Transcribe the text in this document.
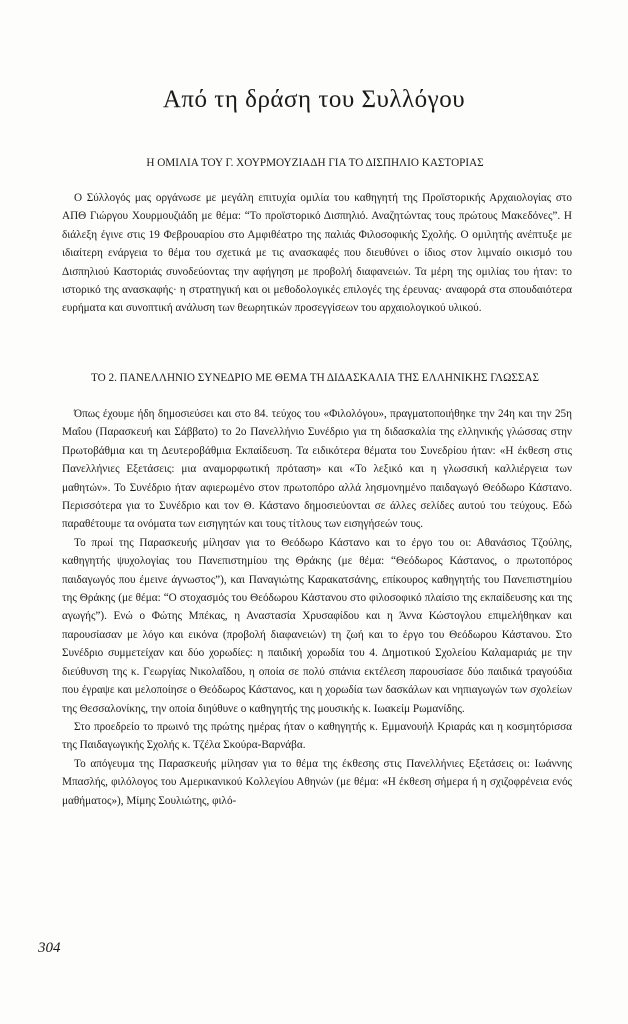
Από τη δράση του Συλλόγου
Η ΟΜΙΛΙΑ ΤΟΥ Γ. ΧΟΥΡΜΟΥΖΙΑΔΗ ΓΙΑ ΤΟ ΔΙΣΠΗΛΙΟ ΚΑΣΤΟΡΙΑΣ

Ο Σύλλογός μας οργάνωσε με μεγάλη επιτυχία ομιλία του καθηγητή της Προϊστορικής Αρχαιολογίας στο ΑΠΘ Γιώργου Χουρμουζιάδη με θέμα: “Το προϊστορικό Δισπηλιό. Αναζητώντας τους πρώτους Μακεδόνες”. Η διάλεξη έγινε στις 19 Φεβρουαρίου στο Αμφιθέατρο της παλιάς Φιλοσοφικής Σχολής. Ο ομιλητής ανέπτυξε με ιδιαίτερη ενάργεια το θέμα του σχετικά με τις ανασκαφές που διευθύνει ο ίδιος στον λιμναίο οικισμό του Δισπηλιού Καστοριάς συνοδεύοντας την αφήγηση με προβολή διαφανειών. Τα μέρη της ομιλίας του ήταν: το ιστορικό της ανασκαφής· η στρατηγική και οι μεθοδολογικές επιλογές της έρευνας· αναφορά στα σπουδαιότερα ευρήματα και συνοπτική ανάλυση των θεωρητικών προσεγγίσεων του αρχαιολογικού υλικού.

ΤΟ 2. ΠΑΝΕΛΛΗΝΙΟ ΣΥΝΕΔΡΙΟ ΜΕ ΘΕΜΑ ΤΗ ΔΙΔΑΣΚΑΛΙΑ ΤΗΣ ΕΛΛΗΝΙΚΗΣ ΓΛΩΣΣΑΣ

Όπως έχουμε ήδη δημοσιεύσει και στο 84. τεύχος του «Φιλολόγου», πραγματοποιήθηκε την 24η και την 25η Μαΐου (Παρασκευή και Σάββατο) το 2ο Πανελλήνιο Συνέδριο για τη διδασκαλία της ελληνικής γλώσσας στην Πρωτοβάθμια και τη Δευτεροβάθμια Εκπαίδευση. Τα ειδικότερα θέματα του Συνεδρίου ήταν: «Η έκθεση στις Πανελλήνιες Εξετάσεις: μια αναμορφωτική πρόταση» και «Το λεξικό και η γλωσσική καλλιέργεια των μαθητών». Το Συνέδριο ήταν αφιερωμένο στον πρωτοπόρο αλλά λησμονημένο παιδαγωγό Θεόδωρο Κάστανο. Περισσότερα για το Συνέδριο και τον Θ. Κάστανο δημοσιεύονται σε άλλες σελίδες αυτού του τεύχους. Εδώ παραθέτουμε τα ονόματα των εισηγητών και τους τίτλους των εισηγήσεών τους.

Το πρωί της Παρασκευής μίλησαν για το Θεόδωρο Κάστανο και το έργο του οι: Αθανάσιος Τζούλης, καθηγητής ψυχολογίας του Πανεπιστημίου της Θράκης (με θέμα: “Θεόδωρος Κάστανος, ο πρωτοπόρος παιδαγωγός που έμεινε άγνωστος”), και Παναγιώτης Καρακατσάνης, επίκουρος καθηγητής του Πανεπιστημίου της Θράκης (με θέμα: “Ο στοχασμός του Θεόδωρου Κάστανου στο φιλοσοφικό πλαίσιο της εκπαίδευσης και της αγωγής”). Ενώ ο Φώτης Μπέκας, η Αναστασία Χρυσαφίδου και η Άννα Κώστογλου επιμελήθηκαν και παρουσίασαν με λόγο και εικόνα (προβολή διαφανειών) τη ζωή και το έργο του Θεόδωρου Κάστανου. Στο Συνέδριο συμμετείχαν και δύο χορωδίες: η παιδική χορωδία του 4. Δημοτικού Σχολείου Καλαμαριάς με την διεύθυνση της κ. Γεωργίας Νικολαΐδου, η οποία σε πολύ σπάνια εκτέλεση παρουσίασε δύο παιδικά τραγούδια που έγραψε και μελοποίησε ο Θεόδωρος Κάστανος, και η χορωδία των δασκάλων και νηπιαγωγών των σχολείων της Θεσσαλονίκης, την οποία διηύθυνε ο καθηγητής της μουσικής κ. Ιωακείμ Ρωμανίδης.

Στο προεδρείο το πρωινό της πρώτης ημέρας ήταν ο καθηγητής κ. Εμμανουήλ Κριαράς και η κοσμητόρισσα της Παιδαγωγικής Σχολής κ. Τζέλα Σκούρα-Βαρνάβα.

Το απόγευμα της Παρασκευής μίλησαν για το θέμα της έκθεσης στις Πανελλήνιες Εξετάσεις οι: Ιωάννης Μπασλής, φιλόλογος του Αμερικανικού Κολλεγίου Αθηνών (με θέμα: «Η έκθεση σήμερα ή η σχιζοφρένεια ενός μαθήματος»), Μίμης Σουλιώτης, φιλό-

304
